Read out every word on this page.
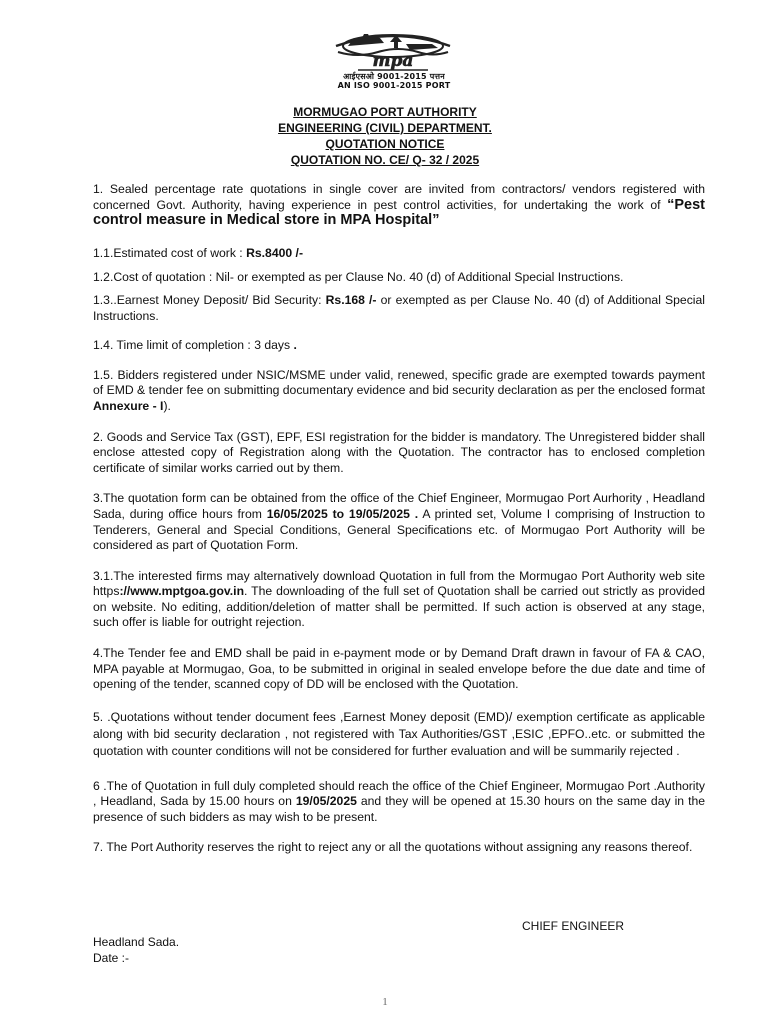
mpa
आईएसओ 9001-2015 पत्तन
AN ISO 9001-2015 PORT
MORMUGAO PORT AUTHORITY
ENGINEERING (CIVIL) DEPARTMENT.
QUOTATION NOTICE
QUOTATION NO. CE/ Q- 32 / 2025

1. Sealed percentage rate quotations in single cover are invited from contractors/ vendors registered with concerned Govt. Authority, having experience in pest control activities, for undertaking the work of “Pest control measure in Medical store in MPA Hospital”

1.1.Estimated cost of work : Rs.8400 /-

1.2.Cost of quotation : Nil- or exempted as per Clause No. 40 (d) of Additional Special Instructions.

1.3..Earnest Money Deposit/ Bid Security: Rs.168 /- or exempted as per Clause No. 40 (d) of Additional Special Instructions.

1.4. Time limit of completion : 3 days .

1.5. Bidders registered under NSIC/MSME under valid, renewed, specific grade are exempted towards payment of EMD & tender fee on submitting documentary evidence and bid security declaration as per the enclosed format Annexure - I).

2. Goods and Service Tax (GST), EPF, ESI registration for the bidder is mandatory. The Unregistered bidder shall enclose attested copy of Registration along with the Quotation. The contractor has to enclosed completion certificate of similar works carried out by them.

3.The quotation form can be obtained from the office of the Chief Engineer, Mormugao Port Aurhority , Headland Sada, during office hours from 16/05/2025 to 19/05/2025 . A printed set, Volume I comprising of Instruction to Tenderers, General and Special Conditions, General Specifications etc. of Mormugao Port Authority will be considered as part of Quotation Form.

3.1.The interested firms may alternatively download Quotation in full from the Mormugao Port Authority web site https://www.mptgoa.gov.in. The downloading of the full set of Quotation shall be carried out strictly as provided on website. No editing, addition/deletion of matter shall be permitted. If such action is observed at any stage, such offer is liable for outright rejection.

4.The Tender fee and EMD shall be paid in e-payment mode or by Demand Draft drawn in favour of FA & CAO, MPA payable at Mormugao, Goa, to be submitted in original in sealed envelope before the due date and time of opening of the tender, scanned copy of DD will be enclosed with the Quotation.

5. .Quotations without tender document fees ,Earnest Money deposit (EMD)/ exemption certificate as applicable along with bid security declaration , not registered with Tax Authorities/GST ,ESIC ,EPFO..etc. or submitted the quotation with counter conditions will not be considered for further evaluation and will be summarily rejected .

6 .The of Quotation in full duly completed should reach the office of the Chief Engineer, Mormugao Port .Authority , Headland, Sada by 15.00 hours on 19/05/2025 and they will be opened at 15.30 hours on the same day in the presence of such bidders as may wish to be present.

7. The Port Authority reserves the right to reject any or all the quotations without assigning any reasons thereof.

CHIEF ENGINEER
Headland Sada.
Date :-
1
